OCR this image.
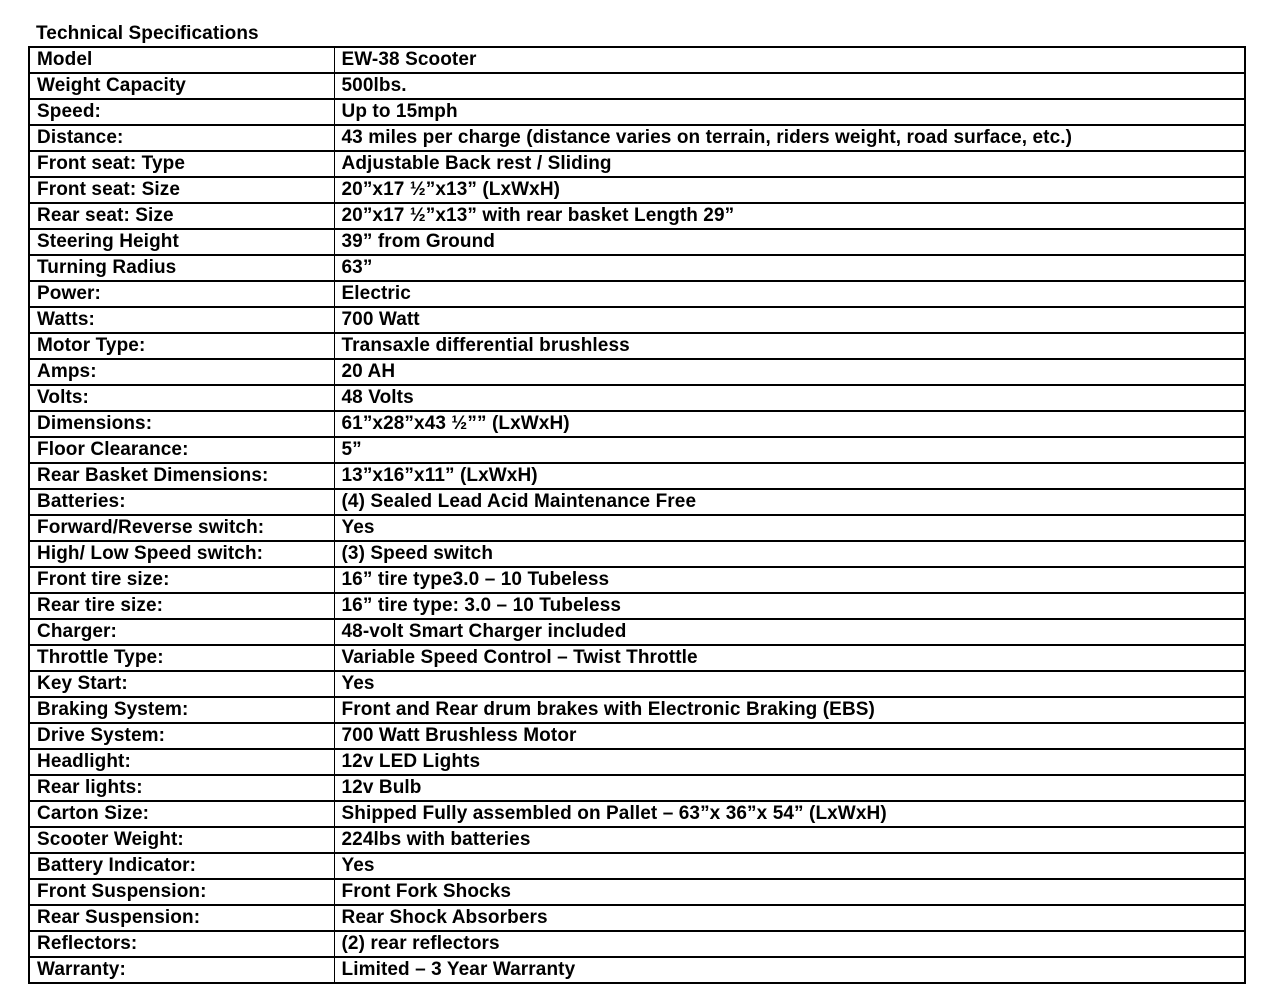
Technical Specifications
Model	EW-38 Scooter
Weight Capacity	500lbs.
Speed:	Up to 15mph
Distance:	43 miles per charge (distance varies on terrain, riders weight, road surface, etc.)
Front seat: Type	Adjustable Back rest / Sliding
Front seat: Size	20”x17 ½”x13” (LxWxH)
Rear seat: Size	20”x17 ½”x13” with rear basket Length 29”
Steering Height	39” from Ground
Turning Radius	63”
Power:	Electric
Watts:	700 Watt
Motor Type:	Transaxle differential brushless
Amps:	20 AH
Volts:	48 Volts
Dimensions:	61”x28”x43 ½”” (LxWxH)
Floor Clearance:	5”
Rear Basket Dimensions:	13”x16”x11” (LxWxH)
Batteries:	(4) Sealed Lead Acid Maintenance Free
Forward/Reverse switch:	Yes
High/ Low Speed switch:	(3) Speed switch
Front tire size:	16” tire type3.0 – 10 Tubeless
Rear tire size:	16” tire type: 3.0 – 10 Tubeless
Charger:	48-volt Smart Charger included
Throttle Type:	Variable Speed Control – Twist Throttle
Key Start:	Yes
Braking System:	Front and Rear drum brakes with Electronic Braking (EBS)
Drive System:	700 Watt Brushless Motor
Headlight:	12v LED Lights
Rear lights:	12v Bulb
Carton Size:	Shipped Fully assembled on Pallet – 63”x 36”x 54” (LxWxH)
Scooter Weight:	224lbs with batteries
Battery Indicator:	Yes
Front Suspension:	Front Fork Shocks
Rear Suspension:	Rear Shock Absorbers
Reflectors:	(2) rear reflectors
Warranty:	Limited – 3 Year Warranty
